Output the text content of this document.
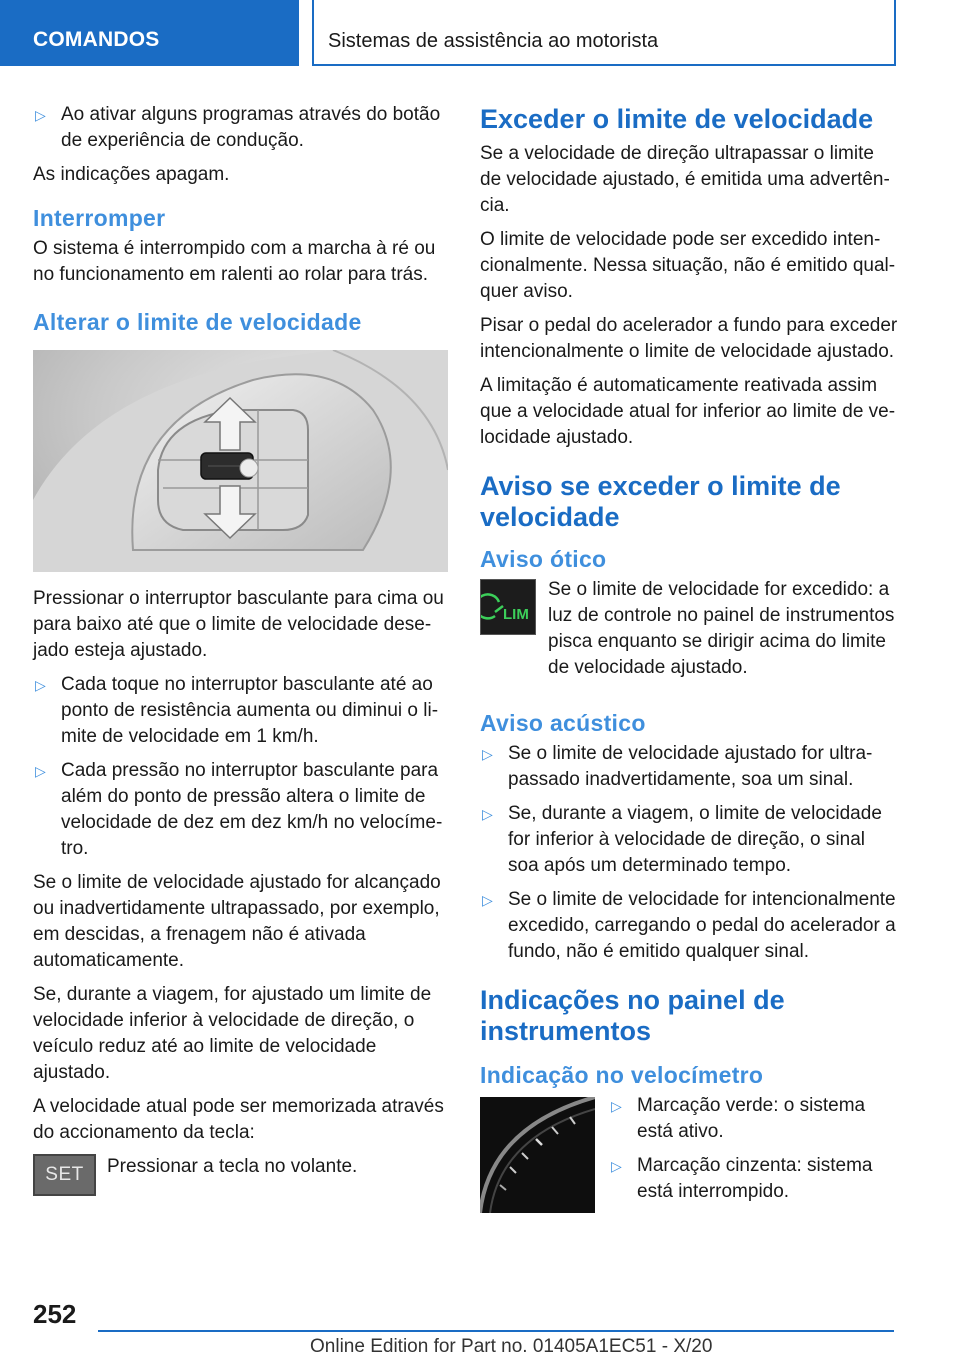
COMANDOS	Sistemas de assistência ao motorista
▷ Ao ativar alguns programas através do botão de experiência de condução.

As indicações apagam.

Interromper

O sistema é interrompido com a marcha à ré ou no funcionamento em ralenti ao rolar para trás.

Alterar o limite de velocidade

Pressionar o interruptor basculante para cima ou para baixo até que o limite de velocidade desejado esteja ajustado.

▷ Cada toque no interruptor basculante até ao ponto de resistência aumenta ou diminui o limite de velocidade em 1 km/h.
▷ Cada pressão no interruptor basculante para além do ponto de pressão altera o limite de velocidade de dez em dez km/h no velocímetro.

Se o limite de velocidade ajustado for alcançado ou inadvertidamente ultrapassado, por exemplo, em descidas, a frenagem não é ativada automaticamente.

Se, durante a viagem, for ajustado um limite de velocidade inferior à velocidade de direção, o veículo reduz até ao limite de velocidade ajustado.

A velocidade atual pode ser memorizada através do accionamento da tecla:

SET Pressionar a tecla no volante.

Exceder o limite de velocidade

Se a velocidade de direção ultrapassar o limite de velocidade ajustado, é emitida uma advertência.

O limite de velocidade pode ser excedido intencionalmente. Nessa situação, não é emitido qualquer aviso.

Pisar o pedal do acelerador a fundo para exceder intencionalmente o limite de velocidade ajustado.

A limitação é automaticamente reativada assim que a velocidade atual for inferior ao limite de velocidade ajustado.

Aviso se exceder o limite de velocidade
Aviso ótico
LIM

Se o limite de velocidade for excedido: a luz de controle no painel de instrumentos pisca enquanto se dirigir acima do limite de velocidade ajustado.

Aviso acústico
▷ Se o limite de velocidade ajustado for ultrapassado inadvertidamente, soa um sinal.
▷ Se, durante a viagem, o limite de velocidade for inferior à velocidade de direção, o sinal soa após um determinado tempo.
▷ Se o limite de velocidade for intencionalmente excedido, carregando o pedal do acelerador a fundo, não é emitido qualquer sinal.
Indicações no painel de instrumentos
Indicação no velocímetro
▷ Marcação verde: o sistema está ativo.
▷ Marcação cinzenta: sistema está interrompido.
252
Online Edition for Part no. 01405A1EC51 - X/20
